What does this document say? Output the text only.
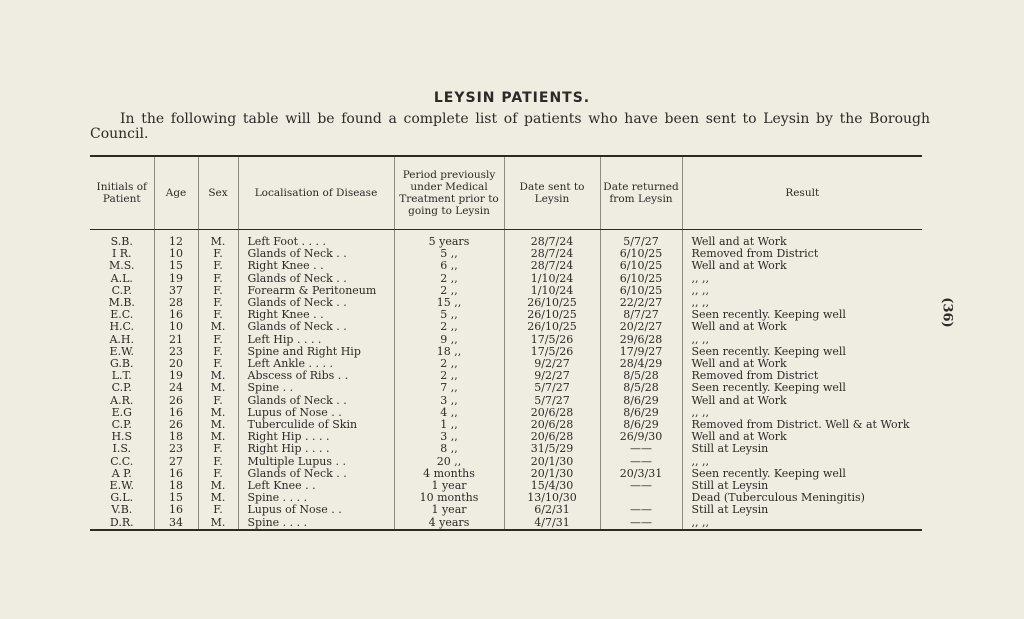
LEYSIN PATIENTS.
In the following table will be found a complete list of patients who have been sent to Leysin by the Borough Council.
(36)
Initials of Patient	Age	Sex	Localisation of Disease	Period previously under Medical Treatment prior to going to Leysin	Date sent to Leysin	Date returned from Leysin	Result
S.B.	12	M.	Left Foot . . . .	5 years	28/7/24	5/7/27	Well and at Work
I R.	10	F.	Glands of Neck . .	5 ,,	28/7/24	6/10/25	Removed from District
M.S.	15	F.	Right Knee . .	6 ,,	28/7/24	6/10/25	Well and at Work
A.L.	19	F.	Glands of Neck . .	2 ,,	1/10/24	6/10/25	,, ,,
C.P.	37	F.	Forearm & Peritoneum	2 ,,	1/10/24	6/10/25	,, ,,
M.B.	28	F.	Glands of Neck . .	15 ,,	26/10/25	22/2/27	,, ,,
E.C.	16	F.	Right Knee . .	5 ,,	26/10/25	8/7/27	Seen recently. Keeping well
H.C.	10	M.	Glands of Neck . .	2 ,,	26/10/25	20/2/27	Well and at Work
A.H.	21	F.	Left Hip . . . .	9 ,,	17/5/26	29/6/28	,, ,,
E.W.	23	F.	Spine and Right Hip	18 ,,	17/5/26	17/9/27	Seen recently. Keeping well
G.B.	20	F.	Left Ankle . . . .	2 ,,	9/2/27	28/4/29	Well and at Work
L.T.	19	M.	Abscess of Ribs . .	2 ,,	9/2/27	8/5/28	Removed from District
C.P.	24	M.	Spine . .	7 ,,	5/7/27	8/5/28	Seen recently. Keeping well
A.R.	26	F.	Glands of Neck . .	3 ,,	5/7/27	8/6/29	Well and at Work
E.G	16	M.	Lupus of Nose . .	4 ,,	20/6/28	8/6/29	,, ,,
C.P.	26	M.	Tuberculide of Skin	1 ,,	20/6/28	8/6/29	Removed from District. Well & at Work
H.S	18	M.	Right Hip . . . .	3 ,,	20/6/28	26/9/30	Well and at Work
I.S.	23	F.	Right Hip . . . .	8 ,,	31/5/29	——	Still at Leysin
C.C.	27	F.	Multiple Lupus . .	20 ,,	20/1/30	——	,, ,,
A P.	16	F.	Glands of Neck . .	4 months	20/1/30	20/3/31	Seen recently. Keeping well
E.W.	18	M.	Left Knee . .	1 year	15/4/30	——	Still at Leysin
G.L.	15	M.	Spine . . . .	10 months	13/10/30		Dead (Tuberculous Meningitis)
V.B.	16	F.	Lupus of Nose . .	1 year	6/2/31	——	Still at Leysin
D.R.	34	M.	Spine . . . .	4 years	4/7/31	——	,, ,,
